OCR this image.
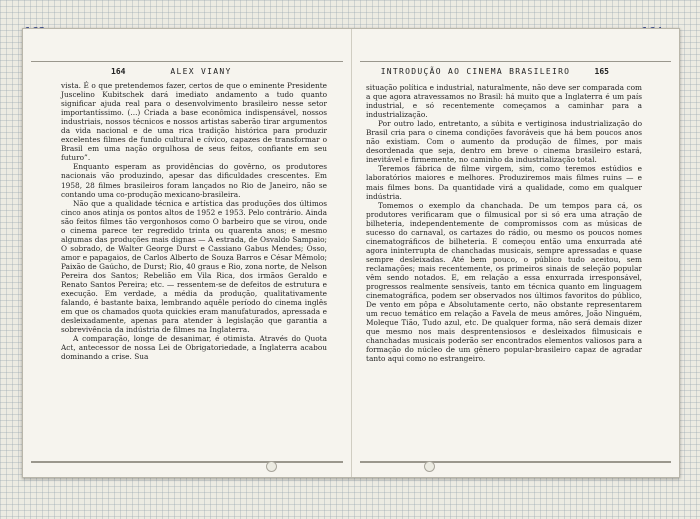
164	ALEX VIANY

vista. É o que pretendemos fazer, certos de que o eminente Presidente Juscelino Kubitschek dará imediato andamento a tudo quanto significar ajuda real para o desenvolvimento brasileiro nesse setor importantíssimo. (...) Criada a base econômica indispensável, nossos industriais, nossos técnicos e nossos artistas saberão tirar argumentos da vida nacional e de uma rica tradição histórica para produzir excelentes filmes de fundo cultural e cívico, capazes de transformar o Brasil em uma nação orgulhosa de seus feitos, confiante em seu futuro”.

Enquanto esperam as providências do govêrno, os produtores nacionais vão produzindo, apesar das dificuldades crescentes. Em 1958, 28 filmes brasileiros foram lançados no Rio de Janeiro, não se contando uma co-produção mexicano-brasileira.

Não que a qualidade técnica e artística das produções dos últimos cinco anos atinja os pontos altos de 1952 e 1953. Pelo contrário. Ainda são feitos filmes tão vergonhosos como O barbeiro que se virou, onde o cinema parece ter regredido trinta ou quarenta anos; e mesmo algumas das produções mais dignas — A estrada, de Osvaldo Sampaio; O sobrado, de Walter George Durst e Cassiano Gabus Mendes; Osso, amor e papagaios, de Carlos Alberto de Souza Barros e César Mêmolo; Paixão de Gaúcho, de Durst; Rio, 40 graus e Rio, zona norte, de Nelson Pereira dos Santos; Rebelião em Vila Rica, dos irmãos Geraldo e Renato Santos Pereira; etc. — ressentem-se de defeitos de estrutura e execução. Em verdade, a média da produção, qualitativamente falando, é bastante baixa, lembrando aquêle período do cinema inglês em que os chamados quota quickies eram manufaturados, apressada e desleixadamente, apenas para atender à legislação que garantia a sobrevivência da indústria de filmes na Inglaterra.

A comparação, longe de desanimar, é otimista. Através do Quota Act, antecessor de nossa Lei de Obrigatoriedade, a Inglaterra acabou dominando a crise. Sua

INTRODUÇÃO AO CINEMA BRASILEIRO	165

situação política e industrial, naturalmente, não deve ser comparada com a que agora atravessamos no Brasil: há muito que a Inglaterra é um país industrial, e só recentemente começamos a caminhar para a industrialização.

Por outro lado, entretanto, a súbita e vertiginosa industrialização do Brasil cria para o cinema condições favoráveis que há bem poucos anos não existiam. Com o aumento da produção de filmes, por mais desordenada que seja, dentro em breve o cinema brasileiro estará, inevitável e firmemente, no caminho da industrialização total.

Teremos fábrica de filme virgem, sim, como teremos estúdios e laboratórios maiores e melhores. Produziremos mais filmes ruins — e mais filmes bons. Da quantidade virá a qualidade, como em qualquer indústria.

Tomemos o exemplo da chanchada. De um tempos para cá, os produtores verificaram que o filmusical por si só era uma atração de bilheteria, independentemente de compromissos com as músicas de sucesso do carnaval, os cartazes do rádio, ou mesmo os poucos nomes cinematográficos de bilheteria. E começou então uma enxurrada até agora ininterrupta de chanchadas musicais, sempre apressadas e quase sempre desleixadas. Até bem pouco, o público tudo aceitou, sem reclamações; mais recentemente, os primeiros sinais de seleção popular vêm sendo notados. E, em relação a essa enxurrada irresponsável, progressos realmente sensíveis, tanto em técnica quanto em linguagem cinematográfica, podem ser observados nos últimos favoritos do público, De vento em pôpa e Absolutamente certo, não obstante representarem um recuo temático em relação a Favela de meus amôres, João Ninguém, Moleque Tião, Tudo azul, etc. De qualquer forma, não será demais dizer que mesmo nos mais desprentensiosos e desleixados filmusicais e chanchadas musicais poderão ser encontrados elementos valiosos para a formação do núcleo de um gênero popular-brasileiro capaz de agradar tanto aqui como no estrangeiro.
